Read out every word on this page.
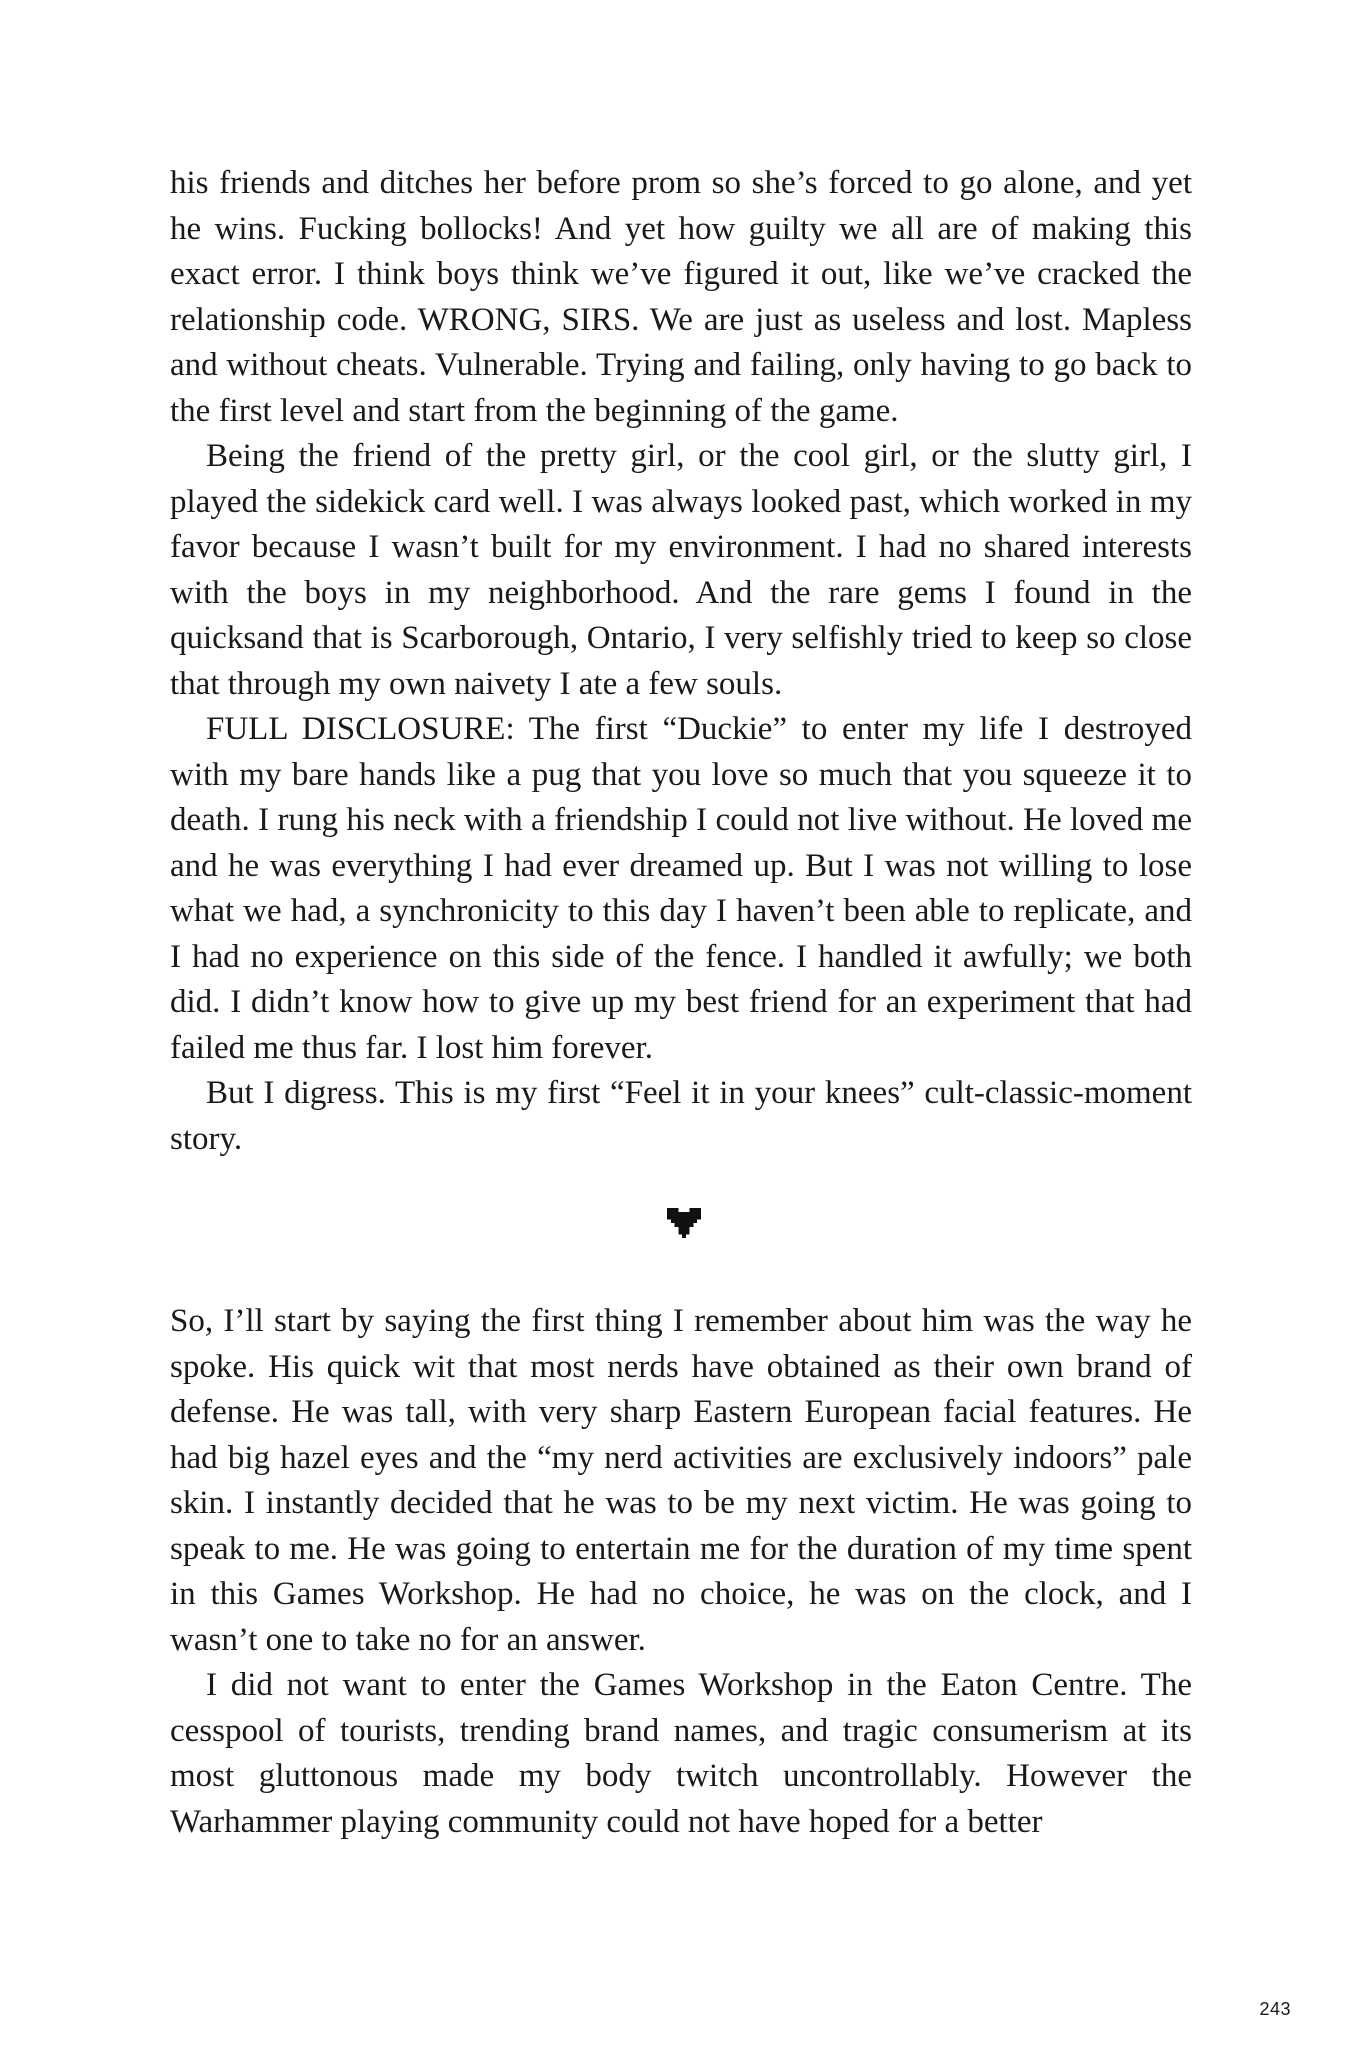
his friends and ditches her before prom so she’s forced to go alone, and yet he wins. Fucking bollocks! And yet how guilty we all are of making this exact error. I think boys think we’ve figured it out, like we’ve cracked the relationship code. WRONG, SIRS. We are just as useless and lost. Mapless and without cheats. Vulnerable. Trying and failing, only having to go back to the first level and start from the beginning of the game.

Being the friend of the pretty girl, or the cool girl, or the slutty girl, I played the sidekick card well. I was always looked past, which worked in my favor because I wasn’t built for my environment. I had no shared interests with the boys in my neighborhood. And the rare gems I found in the quicksand that is Scarborough, Ontario, I very selfishly tried to keep so close that through my own naivety I ate a few souls.

FULL DISCLOSURE: The first “Duckie” to enter my life I destroyed with my bare hands like a pug that you love so much that you squeeze it to death. I rung his neck with a friendship I could not live without. He loved me and he was everything I had ever dreamed up. But I was not willing to lose what we had, a synchronicity to this day I haven’t been able to replicate, and I had no experience on this side of the fence. I handled it awfully; we both did. I didn’t know how to give up my best friend for an experiment that had failed me thus far. I lost him forever.

But I digress. This is my first “Feel it in your knees” cult-classic-moment story.

So, I’ll start by saying the first thing I remember about him was the way he spoke. His quick wit that most nerds have obtained as their own brand of defense. He was tall, with very sharp Eastern European facial features. He had big hazel eyes and the “my nerd activities are exclusively indoors” pale skin. I instantly decided that he was to be my next victim. He was going to speak to me. He was going to entertain me for the duration of my time spent in this Games Workshop. He had no choice, he was on the clock, and I wasn’t one to take no for an answer.

I did not want to enter the Games Workshop in the Eaton Centre. The cesspool of tourists, trending brand names, and tragic consumerism at its most gluttonous made my body twitch uncontrollably. However the Warhammer playing community could not have hoped for a better

243
